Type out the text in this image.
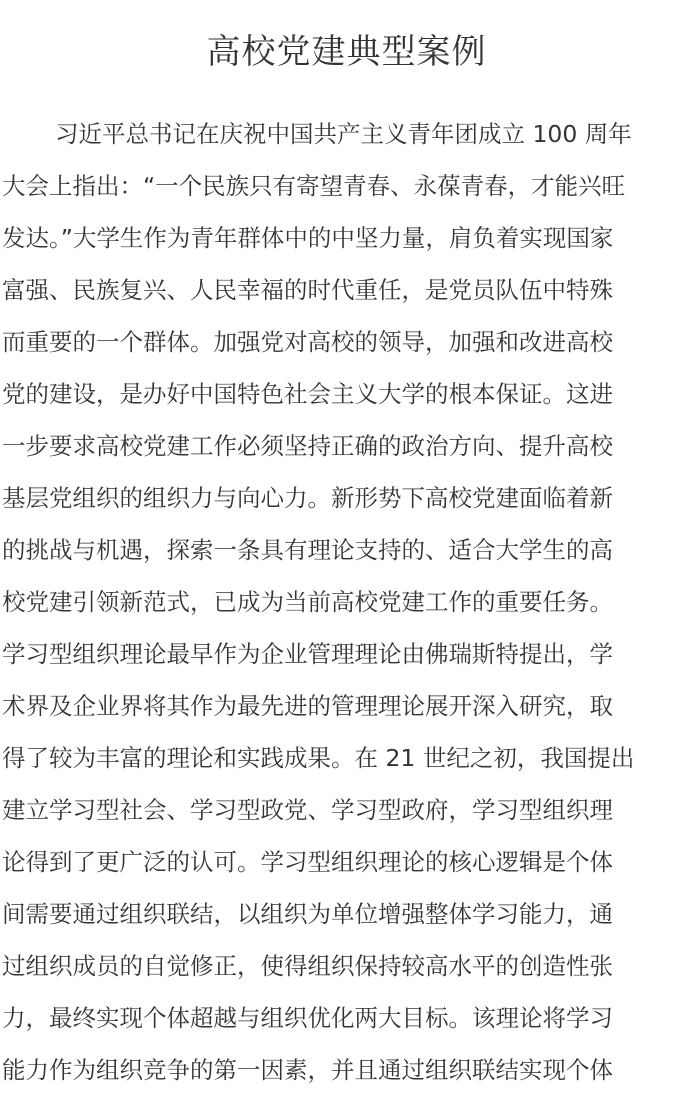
高校党建典型案例
习近平总书记在庆祝中国共产主义青年团成立 100 周年
大会上指出：“一个民族只有寄望青春、永葆青春，才能兴旺
发达。”大学生作为青年群体中的中坚力量，肩负着实现国家
富强、民族复兴、人民幸福的时代重任，是党员队伍中特殊
而重要的一个群体。加强党对高校的领导，加强和改进高校
党的建设，是办好中国特色社会主义大学的根本保证。这进
一步要求高校党建工作必须坚持正确的政治方向、提升高校
基层党组织的组织力与向心力。新形势下高校党建面临着新
的挑战与机遇，探索一条具有理论支持的、适合大学生的高
校党建引领新范式，已成为当前高校党建工作的重要任务。
学习型组织理论最早作为企业管理理论由佛瑞斯特提出，学
术界及企业界将其作为最先进的管理理论展开深入研究，取
得了较为丰富的理论和实践成果。在 21 世纪之初，我国提出
建立学习型社会、学习型政党、学习型政府，学习型组织理
论得到了更广泛的认可。学习型组织理论的核心逻辑是个体
间需要通过组织联结，以组织为单位增强整体学习能力，通
过组织成员的自觉修正，使得组织保持较高水平的创造性张
力，最终实现个体超越与组织优化两大目标。该理论将学习
能力作为组织竞争的第一因素，并且通过组织联结实现个体
